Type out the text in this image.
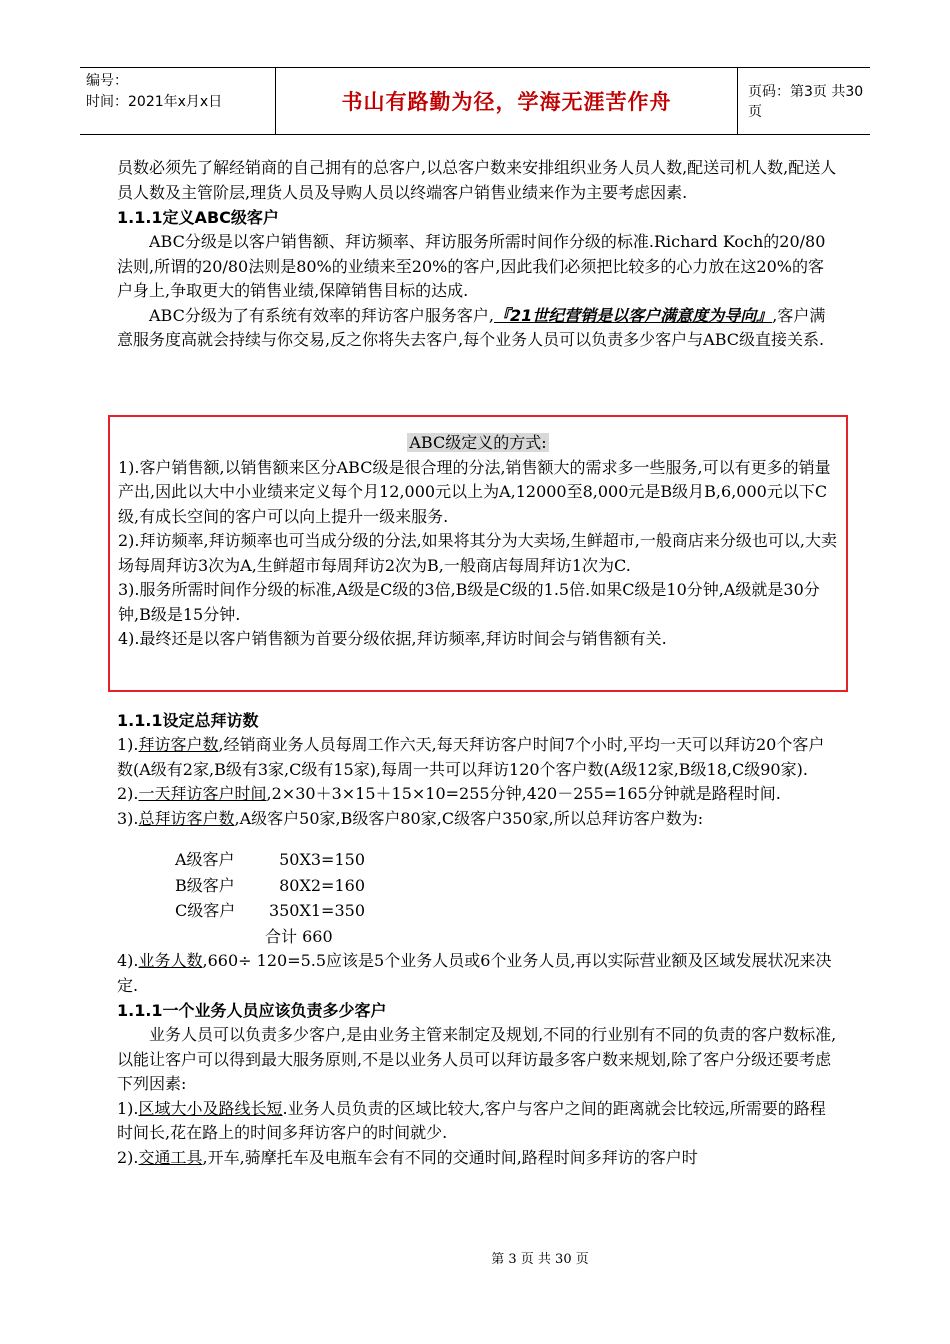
编号：
时间：2021年x月x日	书山有路勤为径，学海无涯苦作舟	页码：第3页 共30页

员数必须先了解经销商的自己拥有的总客户,以总客户数来安排组织业务人员人数,配送司机人数,配送人员人数及主管阶层,理货人员及导购人员以终端客户销售业绩来作为主要考虑因素.

1.1.1定义ABC级客户

ABC分级是以客户销售额、拜访频率、拜访服务所需时间作分级的标准.Richard Koch的20/80法则,所谓的20/80法则是80%的业绩来至20%的客户,因此我们必须把比较多的心力放在这20%的客户身上,争取更大的销售业绩,保障销售目标的达成.

ABC分级为了有系统有效率的拜访客户服务客户,『21世纪营销是以客户满意度为导向』,客户满意服务度高就会持续与你交易,反之你将失去客户,每个业务人员可以负责多少客户与ABC级直接关系.

ABC级定义的方式:

1).客户销售额,以销售额来区分ABC级是很合理的分法,销售额大的需求多一些服务,可以有更多的销量产出,因此以大中小业绩来定义每个月12,000元以上为A,12000至8,000元是B级月B,6,000元以下C级,有成长空间的客户可以向上提升一级来服务.

2).拜访频率,拜访频率也可当成分级的分法,如果将其分为大卖场,生鲜超市,一般商店来分级也可以,大卖场每周拜访3次为A,生鲜超市每周拜访2次为B,一般商店每周拜访1次为C.

3).服务所需时间作分级的标准,A级是C级的3倍,B级是C级的1.5倍.如果C级是10分钟,A级就是30分钟,B级是15分钟.

4).最终还是以客户销售额为首要分级依据,拜访频率,拜访时间会与销售额有关.

1.1.1设定总拜访数

1).拜访客户数,经销商业务人员每周工作六天,每天拜访客户时间7个小时,平均一天可以拜访20个客户数(A级有2家,B级有3家,C级有15家),每周一共可以拜访120个客户数(A级12家,B级18,C级90家).

2).一天拜访客户时间,2×30＋3×15＋15×10=255分钟,420－255=165分钟就是路程时间.

3).总拜访客户数,A级客户50家,B级客户80家,C级客户350家,所以总拜访客户数为:

A级客户	50X3=150
B级客户	80X2=160
C级客户	350X1=350
合计 660

4).业务人数,660÷ 120=5.5应该是5个业务人员或6个业务人员,再以实际营业额及区域发展状况来决定.

1.1.1一个业务人员应该负责多少客户

业务人员可以负责多少客户,是由业务主管来制定及规划,不同的行业别有不同的负责的客户数标准,以能让客户可以得到最大服务原则,不是以业务人员可以拜访最多客户数来规划,除了客户分级还要考虑下列因素:

1).区域大小及路线长短.业务人员负责的区域比较大,客户与客户之间的距离就会比较远,所需要的路程时间长,花在路上的时间多拜访客户的时间就少.

2).交通工具,开车,骑摩托车及电瓶车会有不同的交通时间,路程时间多拜访的客户时

第 3 页 共 30 页
